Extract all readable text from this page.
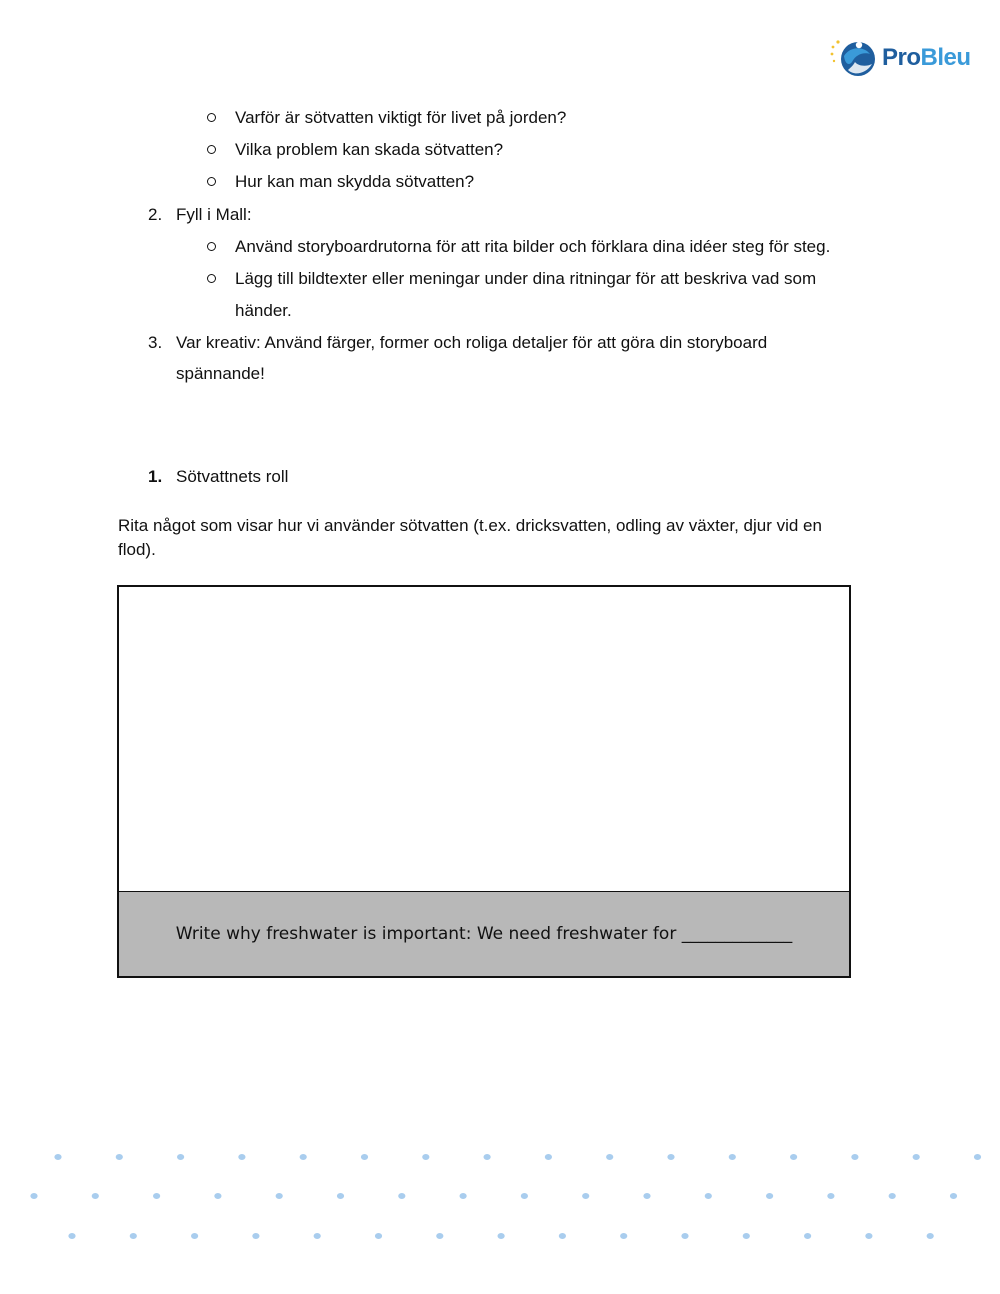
ProBleu
Varför är sötvatten viktigt för livet på jorden?
Vilka problem kan skada sötvatten?
Hur kan man skydda sötvatten?
2. Fyll i Mall:
Använd storyboardrutorna för att rita bilder och förklara dina idéer steg för steg.
Lägg till bildtexter eller meningar under dina ritningar för att beskriva vad som
händer.
3. Var kreativ: Använd färger, former och roliga detaljer för att göra din storyboard
spännande!
1. Sötvattnets roll
Rita något som visar hur vi använder sötvatten (t.ex. dricksvatten, odling av växter, djur vid en
flod).
Write why freshwater is important: We need freshwater for _____________
